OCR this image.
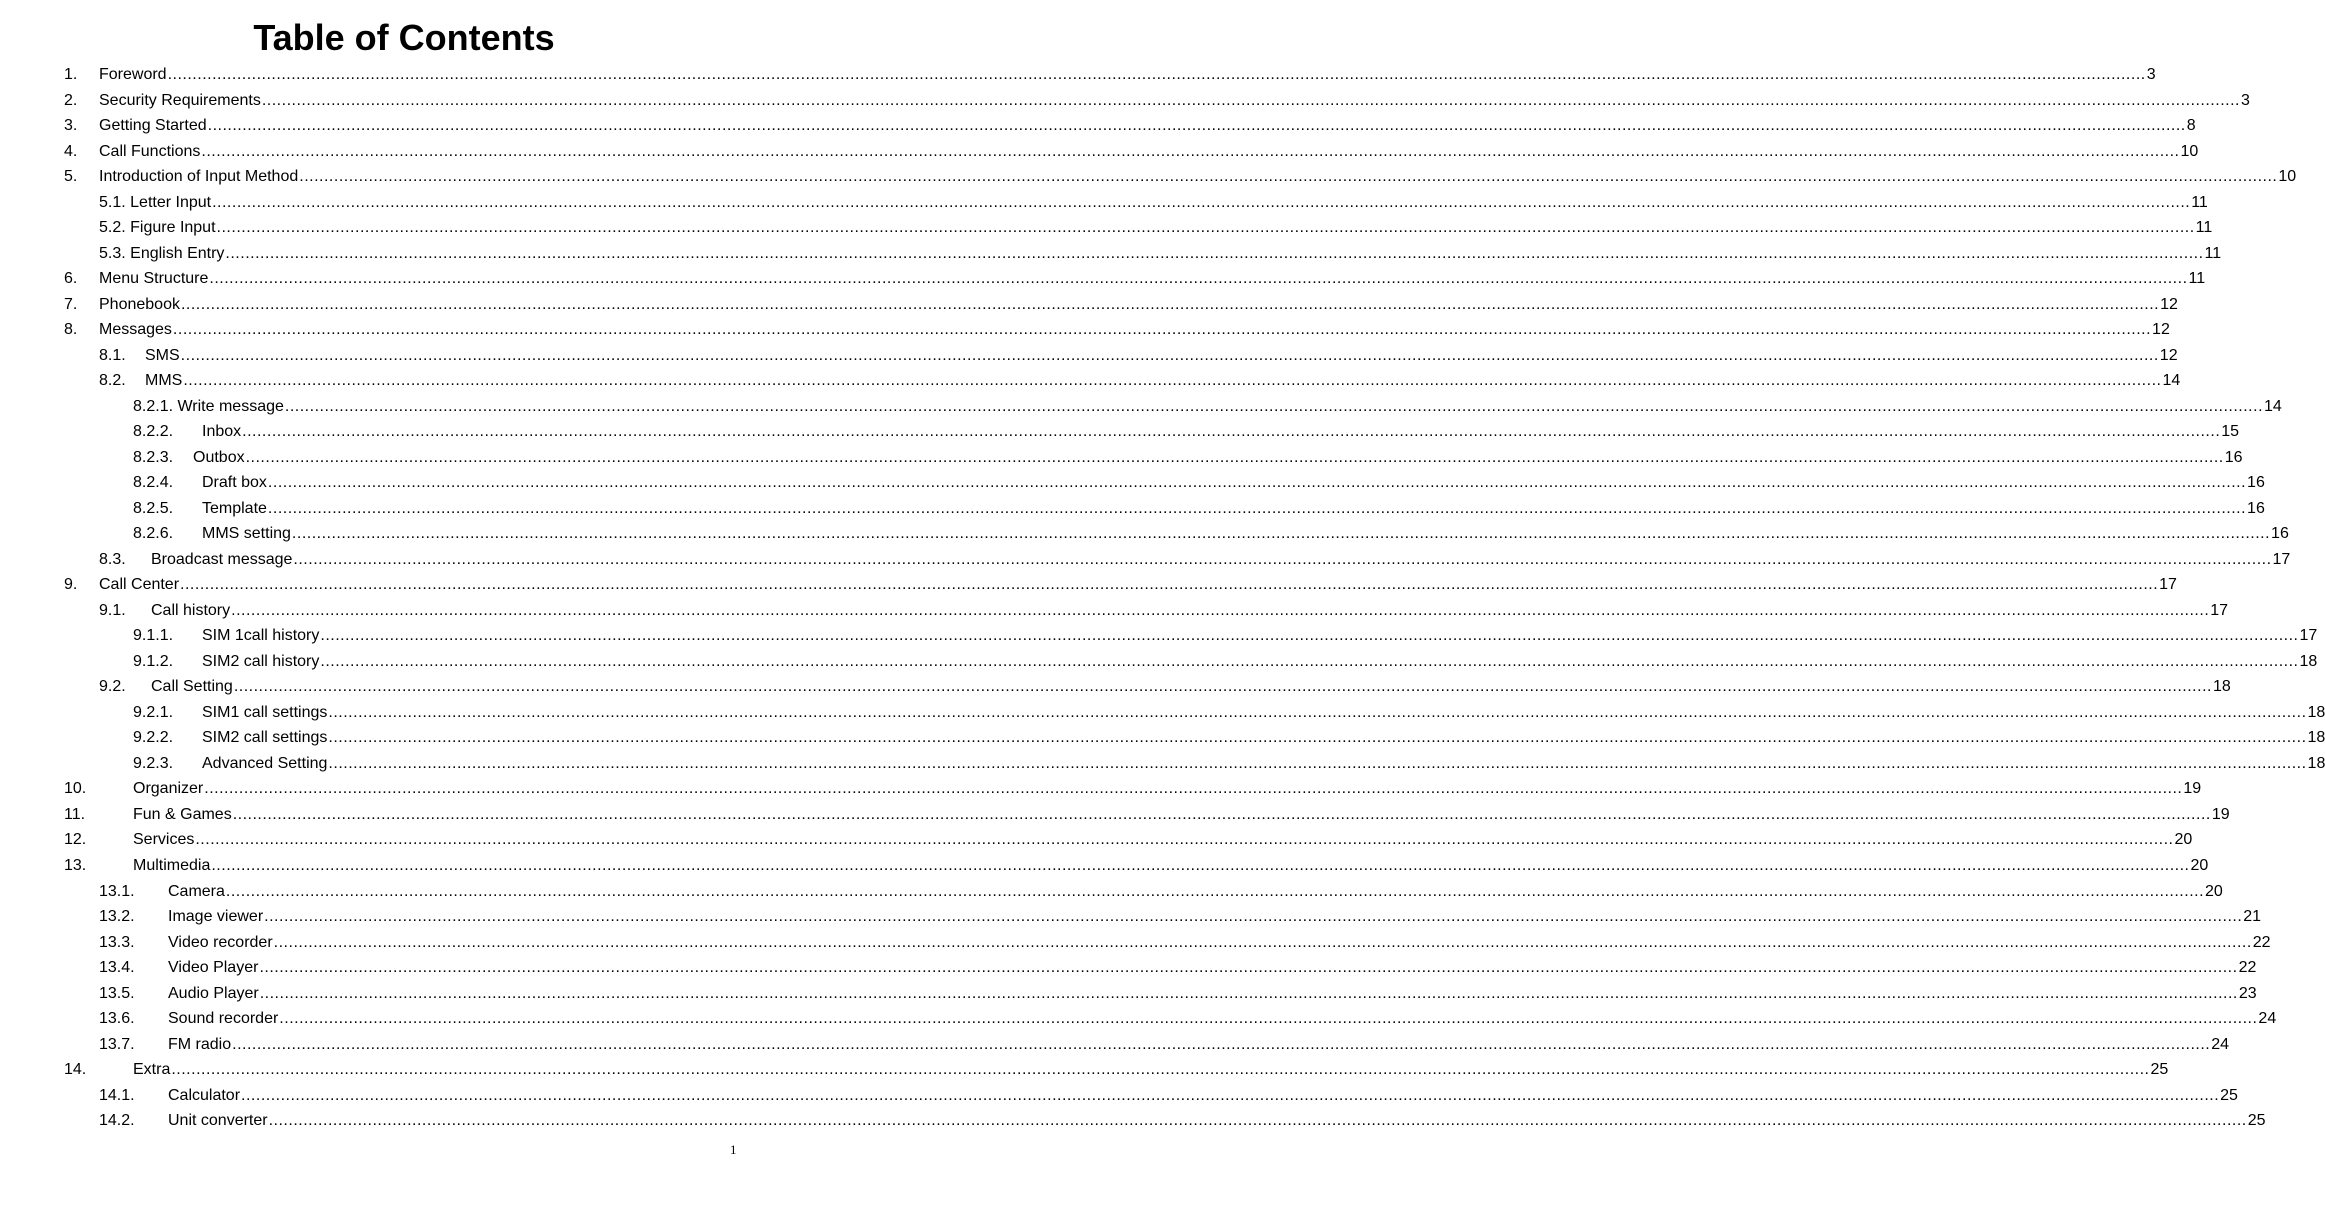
Table of Contents
1. Foreword ................................................................................................................................................................................................................................................................................................................................................................................................................ 3
2. Security Requirements ................................................................................................................................................................................................................................................................................................................................................................................................................ 3
3. Getting Started ................................................................................................................................................................................................................................................................................................................................................................................................................ 8
4. Call Functions ................................................................................................................................................................................................................................................................................................................................................................................................................ 10
5. Introduction of Input Method ................................................................................................................................................................................................................................................................................................................................................................................................................ 10
5.1.
Letter Input ................................................................................................................................................................................................................................................................................................................................................................................................................ 11
5.2.
Figure Input ................................................................................................................................................................................................................................................................................................................................................................................................................ 11
5.3.
English Entry ................................................................................................................................................................................................................................................................................................................................................................................................................ 11
6. Menu Structure ................................................................................................................................................................................................................................................................................................................................................................................................................ 11
7. Phonebook ................................................................................................................................................................................................................................................................................................................................................................................................................ 12
8. Messages ................................................................................................................................................................................................................................................................................................................................................................................................................ 12
8.1. SMS ................................................................................................................................................................................................................................................................................................................................................................................................................ 12
8.2. MMS ................................................................................................................................................................................................................................................................................................................................................................................................................ 14
8.2.1.
Write message ................................................................................................................................................................................................................................................................................................................................................................................................................ 14
8.2.2. Inbox ................................................................................................................................................................................................................................................................................................................................................................................................................ 15
8.2.3. Outbox ................................................................................................................................................................................................................................................................................................................................................................................................................ 16
8.2.4. Draft box ................................................................................................................................................................................................................................................................................................................................................................................................................ 16
8.2.5. Template ................................................................................................................................................................................................................................................................................................................................................................................................................ 16
8.2.6. MMS setting ................................................................................................................................................................................................................................................................................................................................................................................................................ 16
8.3. Broadcast message ................................................................................................................................................................................................................................................................................................................................................................................................................ 17
9. Call Center ................................................................................................................................................................................................................................................................................................................................................................................................................ 17
9.1. Call history ................................................................................................................................................................................................................................................................................................................................................................................................................ 17
9.1.1. SIM 1call history ................................................................................................................................................................................................................................................................................................................................................................................................................ 17
9.1.2. SIM2 call history ................................................................................................................................................................................................................................................................................................................................................................................................................ 18
9.2. Call Setting ................................................................................................................................................................................................................................................................................................................................................................................................................ 18
9.2.1. SIM1 call settings ................................................................................................................................................................................................................................................................................................................................................................................................................ 18
9.2.2. SIM2 call settings ................................................................................................................................................................................................................................................................................................................................................................................................................ 18
9.2.3. Advanced Setting ................................................................................................................................................................................................................................................................................................................................................................................................................ 18
10.	Organizer ................................................................................................................................................................................................................................................................................................................................................................................................................ 19
11.	Fun & Games ................................................................................................................................................................................................................................................................................................................................................................................................................ 19
12.	Services ................................................................................................................................................................................................................................................................................................................................................................................................................ 20
13.	Multimedia ................................................................................................................................................................................................................................................................................................................................................................................................................ 20
13.1. Camera ................................................................................................................................................................................................................................................................................................................................................................................................................ 20
13.2. Image viewer ................................................................................................................................................................................................................................................................................................................................................................................................................ 21
13.3. Video recorder ................................................................................................................................................................................................................................................................................................................................................................................................................ 22
13.4. Video Player ................................................................................................................................................................................................................................................................................................................................................................................................................ 22
13.5. Audio Player ................................................................................................................................................................................................................................................................................................................................................................................................................ 23
13.6. Sound recorder ................................................................................................................................................................................................................................................................................................................................................................................................................ 24
13.7. FM radio ................................................................................................................................................................................................................................................................................................................................................................................................................ 24
14.	Extra ................................................................................................................................................................................................................................................................................................................................................................................................................ 25
14.1. Calculator ................................................................................................................................................................................................................................................................................................................................................................................................................ 25
14.2. Unit converter ................................................................................................................................................................................................................................................................................................................................................................................................................ 25
1
